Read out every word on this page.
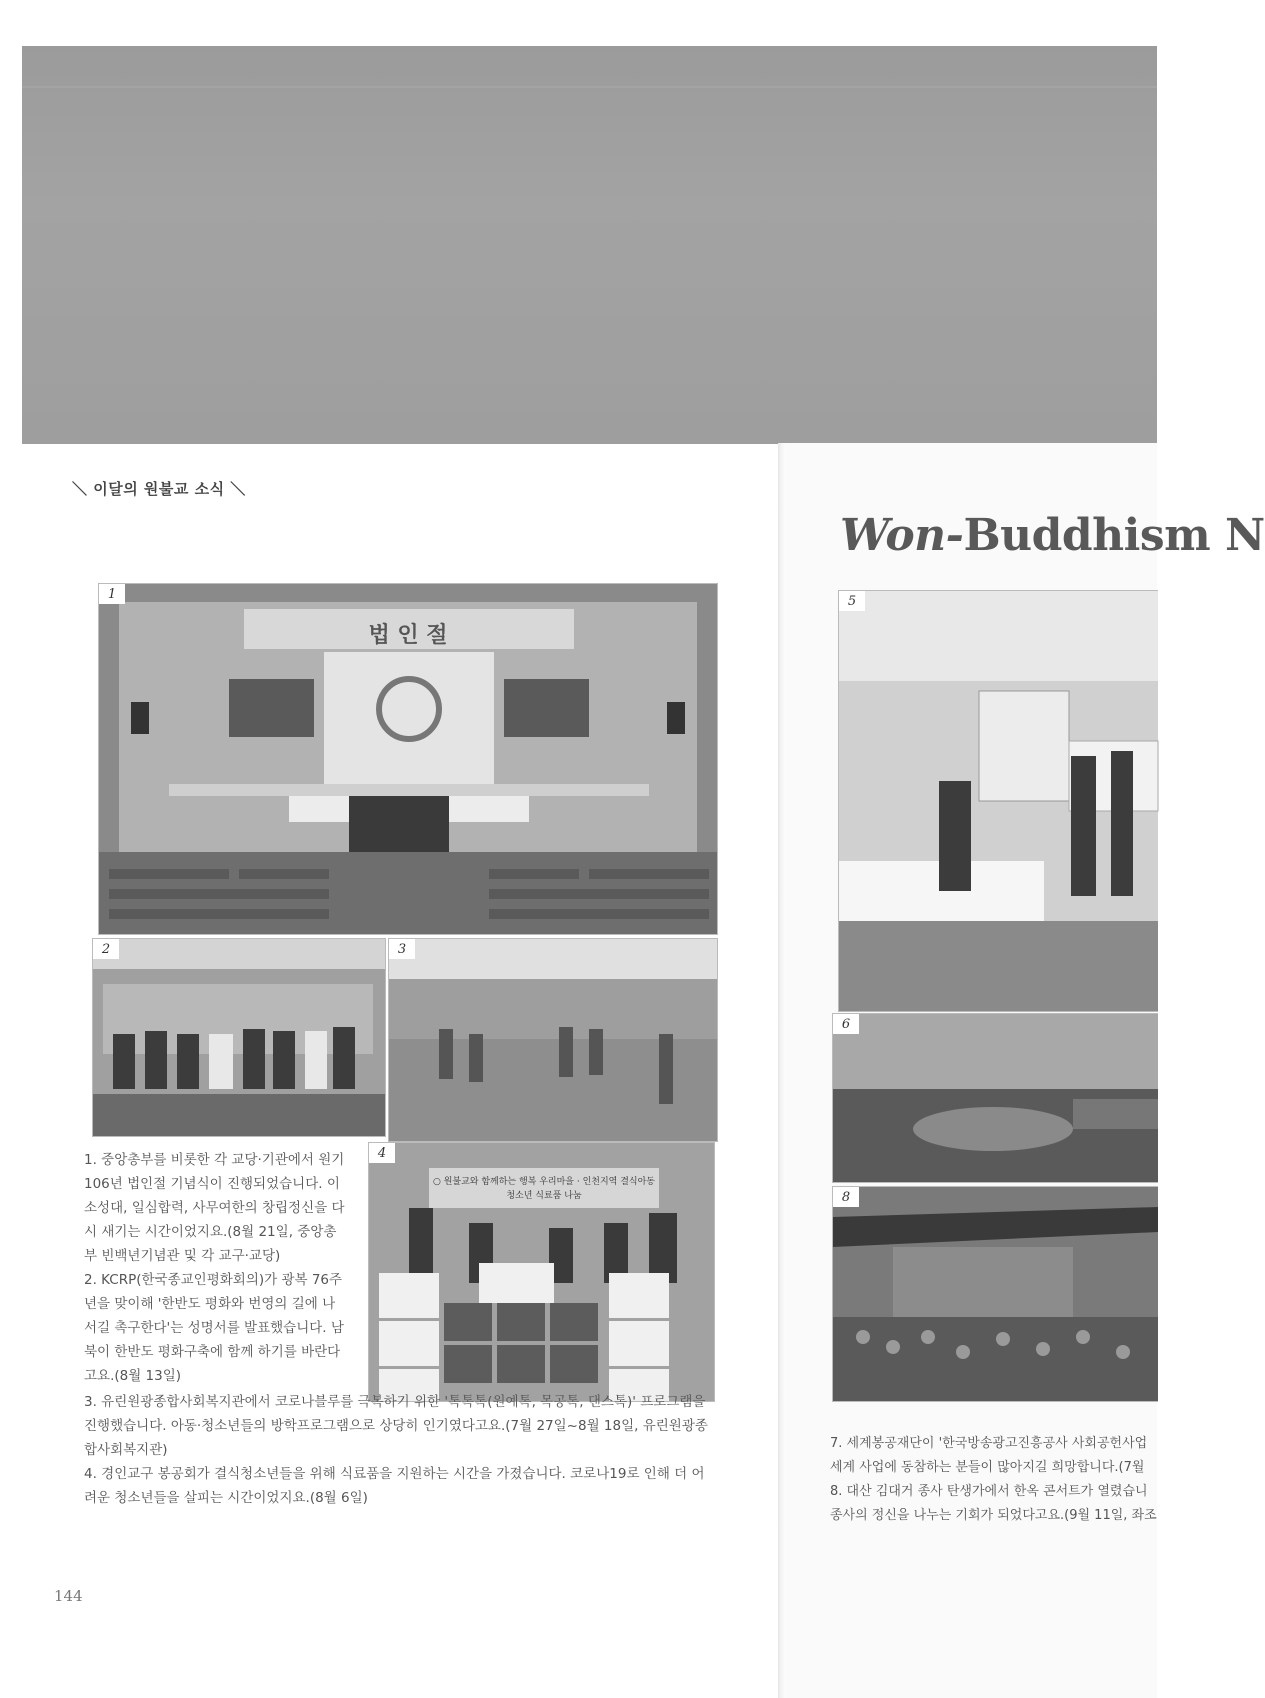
＼ 이달의 원불교 소식 ＼
Won-Buddhism N
법 인 절
1
2	3
○ 원불교와 함께하는 행복 우리마을 · 인천지역 결식아동청소년 식료품 나눔
4
5
6
8

1. 중앙총부를 비롯한 각 교당·기관에서 원기 106년 법인절 기념식이 진행되었습니다. 이 소성대, 일심합력, 사무여한의 창립정신을 다시 새기는 시간이었지요.(8월 21일, 중앙총부 빈백년기념관 및 각 교구·교당)

2. KCRP(한국종교인평화회의)가 광복 76주년을 맞이해 '한반도 평화와 번영의 길에 나서길 촉구한다'는 성명서를 발표했습니다. 남북이 한반도 평화구축에 함께 하기를 바란다고요.(8월 13일)

3. 유린원광종합사회복지관에서 코로나블루를 극복하기 위한 '톡톡톡(원예톡, 목공톡, 댄스톡)' 프로그램을 진행했습니다. 아동·청소년들의 방학프로그램으로 상당히 인기였다고요.(7월 27일~8월 18일, 유린원광종합사회복지관)

4. 경인교구 봉공회가 결식청소년들을 위해 식료품을 지원하는 시간을 가졌습니다. 코로나19로 인해 더 어려운 청소년들을 살피는 시간이었지요.(8월 6일)

7. 세계봉공재단이 '한국방송광고진흥공사 사회공헌사업

세계 사업에 동참하는 분들이 많아지길 희망합니다.(7월

8. 대산 김대거 종사 탄생가에서 한옥 콘서트가 열렸습니

종사의 정신을 나누는 기회가 되었다고요.(9월 11일, 좌조

144
